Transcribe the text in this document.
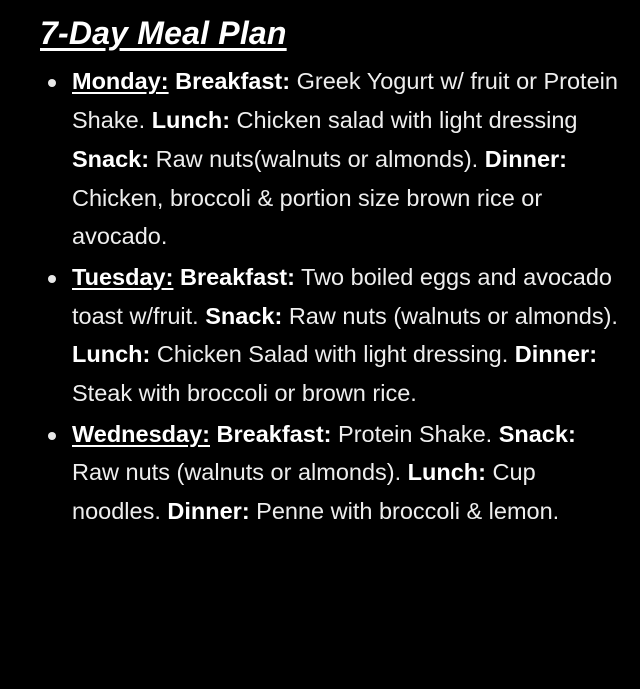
7-Day Meal Plan
Monday: Breakfast: Greek Yogurt w/ fruit or Protein Shake. Lunch: Chicken salad with light dressing Snack: Raw nuts(walnuts or almonds). Dinner: Chicken, broccoli & portion size brown rice or avocado.
Tuesday: Breakfast: Two boiled eggs and avocado toast w/fruit. Snack: Raw nuts (walnuts or almonds). Lunch: Chicken Salad with light dressing. Dinner: Steak with broccoli or brown rice.
Wednesday: Breakfast: Protein Shake. Snack: Raw nuts (walnuts or almonds). Lunch: Cup noodles. Dinner: Penne with broccoli & lemon.
